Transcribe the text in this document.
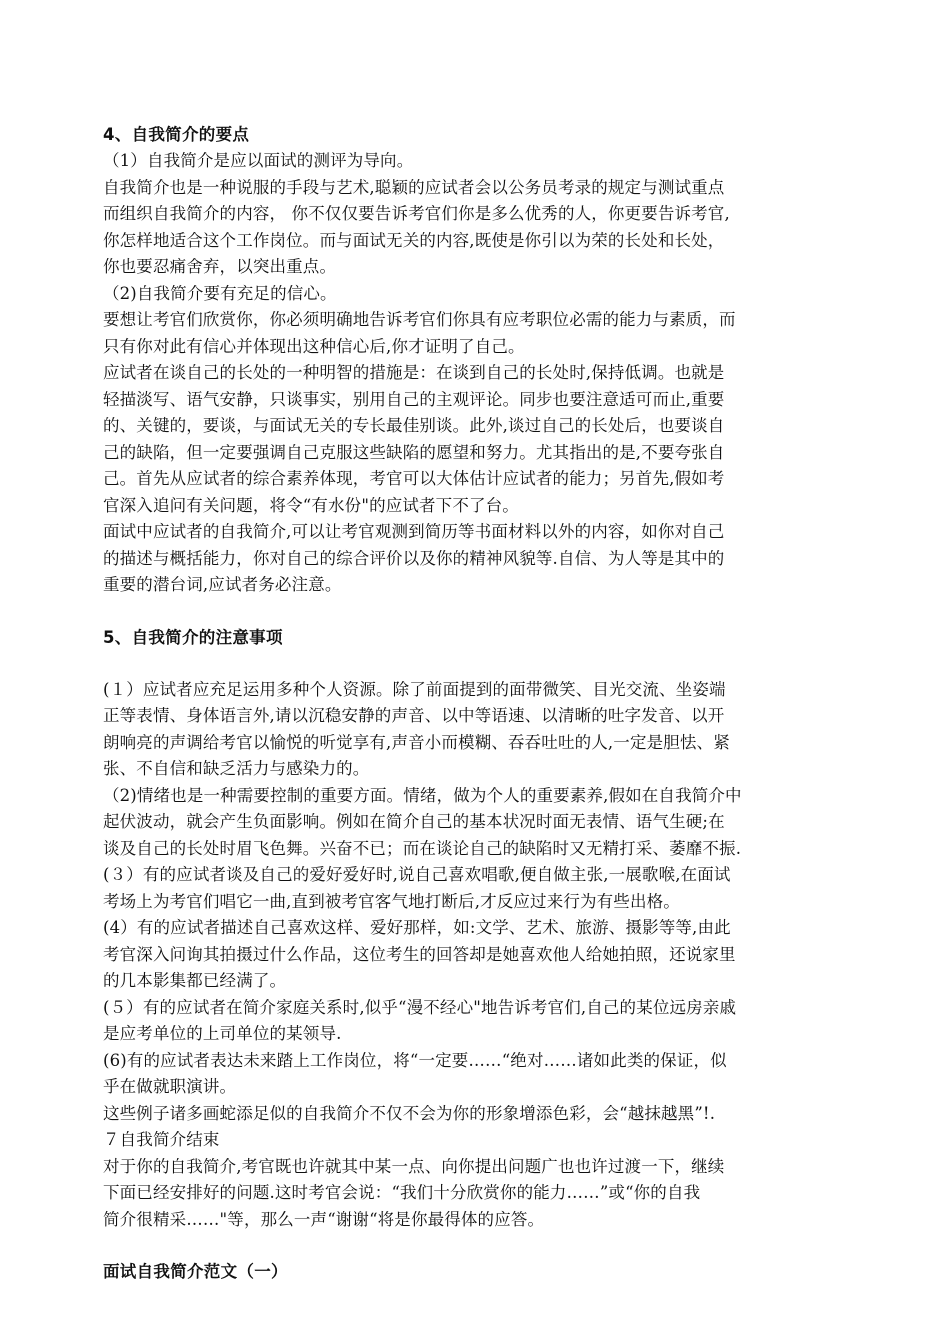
4、自我简介的要点
（1）自我简介是应以面试的测评为导向。
自我简介也是一种说服的手段与艺术,聪颖的应试者会以公务员考录的规定与测试重点
而组织自我简介的内容， 你不仅仅要告诉考官们你是多么优秀的人，你更要告诉考官,
你怎样地适合这个工作岗位。而与面试无关的内容,既使是你引以为荣的长处和长处，
你也要忍痛舍弃，以突出重点。
（2)自我简介要有充足的信心。
要想让考官们欣赏你，你必须明确地告诉考官们你具有应考职位必需的能力与素质，而
只有你对此有信心并体现出这种信心后,你才证明了自己。
应试者在谈自己的长处的一种明智的措施是：在谈到自己的长处时,保持低调。也就是
轻描淡写、语气安静，只谈事实，别用自己的主观评论。同步也要注意适可而止,重要
的、关键的，要谈，与面试无关的专长最佳别谈。此外,谈过自己的长处后，也要谈自
己的缺陷，但一定要强调自己克服这些缺陷的愿望和努力。尤其指出的是,不要夸张自
己。首先从应试者的综合素养体现，考官可以大体估计应试者的能力；另首先,假如考
官深入追问有关问题，将令“有水份"的应试者下不了台。
面试中应试者的自我简介,可以让考官观测到简历等书面材料以外的内容，如你对自己
的描述与概括能力，你对自己的综合评价以及你的精神风貌等.自信、为人等是其中的
重要的潜台词,应试者务必注意。
5、自我简介的注意事项
(１）应试者应充足运用多种个人资源。除了前面提到的面带微笑、目光交流、坐姿端
正等表情、身体语言外,请以沉稳安静的声音、以中等语速、以清晰的吐字发音、以开
朗响亮的声调给考官以愉悦的听觉享有,声音小而模糊、吞吞吐吐的人,一定是胆怯、紧
张、不自信和缺乏活力与感染力的。
（2)情绪也是一种需要控制的重要方面。情绪，做为个人的重要素养,假如在自我简介中
起伏波动，就会产生负面影响。例如在简介自己的基本状况时面无表情、语气生硬;在
谈及自己的长处时眉飞色舞。兴奋不已；而在谈论自己的缺陷时又无精打采、萎靡不振.
(３）有的应试者谈及自己的爱好爱好时,说自己喜欢唱歌,便自做主张,一展歌喉,在面试
考场上为考官们唱它一曲,直到被考官客气地打断后,才反应过来行为有些出格。
(4）有的应试者描述自己喜欢这样、爱好那样，如:文学、艺术、旅游、摄影等等,由此
考官深入问询其拍摄过什么作品，这位考生的回答却是她喜欢他人给她拍照，还说家里
的几本影集都已经满了。
(５）有的应试者在简介家庭关系时,似乎“漫不经心"地告诉考官们,自己的某位远房亲戚
是应考单位的上司单位的某领导.
(6)有的应试者表达未来踏上工作岗位，将“一定要……“绝对……诸如此类的保证，似
乎在做就职演讲。
这些例子诸多画蛇添足似的自我简介不仅不会为你的形象增添色彩，会“越抹越黑”!.
７自我简介结束
对于你的自我简介,考官既也许就其中某一点、向你提出问题广也也许过渡一下，继续
下面已经安排好的问题.这时考官会说：“我们十分欣赏你的能力……”或“你的自我
简介很精采……"等，那么一声“谢谢“将是你最得体的应答。
面试自我简介范文（一）
